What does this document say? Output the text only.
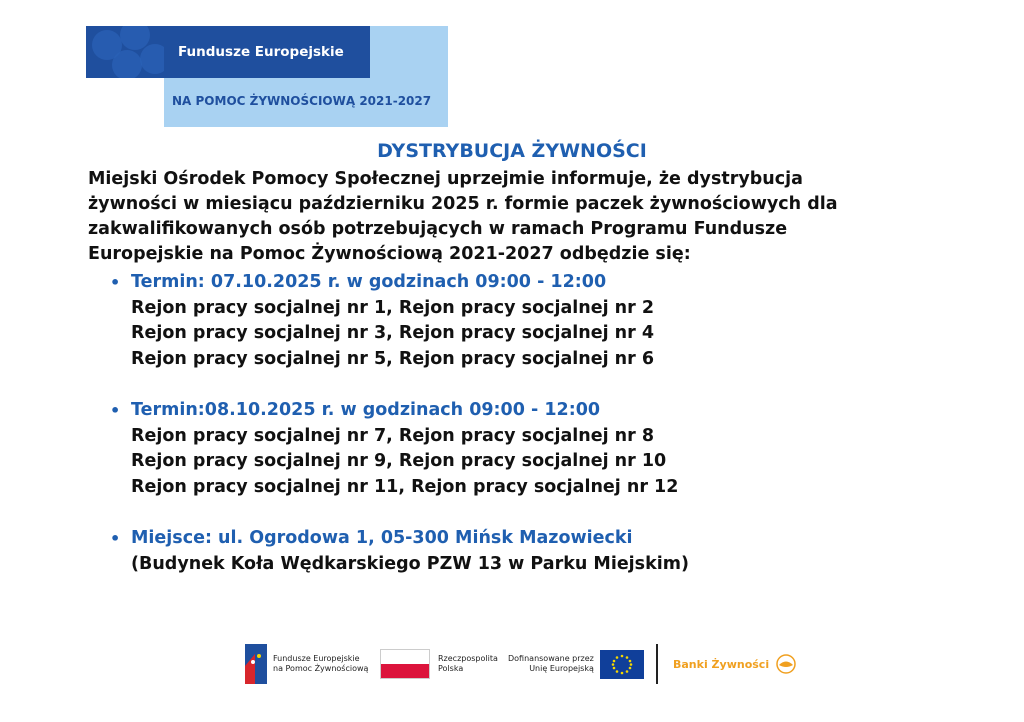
Fundusze Europejskie
NA POMOC ŻYWNOŚCIOWĄ 2021-2027
DYSTRYBUCJA ŻYWNOŚCI
Miejski Ośrodek Pomocy Społecznej uprzejmie informuje, że dystrybucja
żywności w miesiącu październiku 2025 r. formie paczek żywnościowych dla
zakwalifikowanych osób potrzebujących w ramach Programu Fundusze
Europejskie na Pomoc Żywnościową 2021-2027 odbędzie się:
• Termin: 07.10.2025 r. w godzinach 09:00 - 12:00
Rejon pracy socjalnej nr 1, Rejon pracy socjalnej nr 2
Rejon pracy socjalnej nr 3, Rejon pracy socjalnej nr 4
Rejon pracy socjalnej nr 5, Rejon pracy socjalnej nr 6
• Termin:08.10.2025 r. w godzinach 09:00 - 12:00
Rejon pracy socjalnej nr 7, Rejon pracy socjalnej nr 8
Rejon pracy socjalnej nr 9, Rejon pracy socjalnej nr 10
Rejon pracy socjalnej nr 11, Rejon pracy socjalnej nr 12
• Miejsce: ul. Ogrodowa 1, 05-300 Mińsk Mazowiecki
(Budynek Koła Wędkarskiego PZW 13 w Parku Miejskim)
Fundusze Europejskie
na Pomoc Żywnościową
Rzeczpospolita
Polska
Dofinansowane przez
Unię Europejską	Banki Żywności
